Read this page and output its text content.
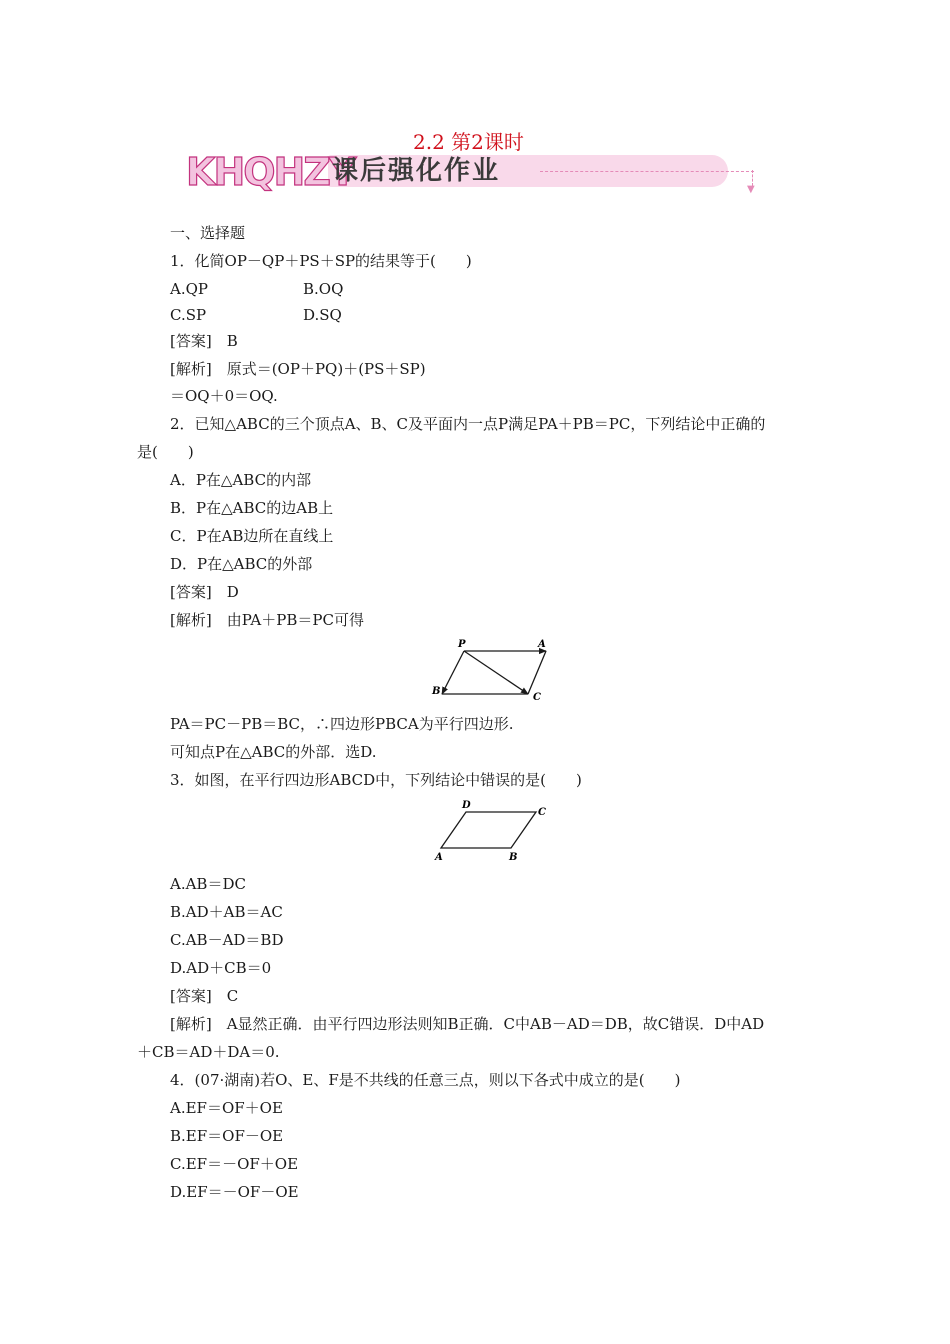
2.2 第2课时
KHQHZY
课后强化作业
▼
一、选择题
1．化简OP－QP＋PS＋SP的结果等于(　　)
A.QP	B.OQ
C.SP	D.SQ
[答案]　B
[解析]　原式＝(OP＋PQ)＋(PS＋SP)
＝OQ＋0＝OQ.
2．已知△ABC的三个顶点A、B、C及平面内一点P满足PA＋PB＝PC，下列结论中正确的
是(　　)
A．P在△ABC的内部
B．P在△ABC的边AB上
C．P在AB边所在直线上
D．P在△ABC的外部
[答案]　D
[解析]　由PA＋PB＝PC可得
P	A
B
C
PA＝PC－PB＝BC，∴四边形PBCA为平行四边形.
可知点P在△ABC的外部．选D.
3．如图，在平行四边形ABCD中，下列结论中错误的是(　　)
D
C
A	B
A.AB＝DC
B.AD＋AB＝AC
C.AB－AD＝BD
D.AD＋CB＝0
[答案]　C
[解析]　A显然正确．由平行四边形法则知B正确．C中AB－AD＝DB，故C错误．D中AD
＋CB＝AD＋DA＝0.
4．(07·湖南)若O、E、F是不共线的任意三点，则以下各式中成立的是(　　)
A.EF＝OF＋OE
B.EF＝OF－OE
C.EF＝－OF＋OE
D.EF＝－OF－OE
